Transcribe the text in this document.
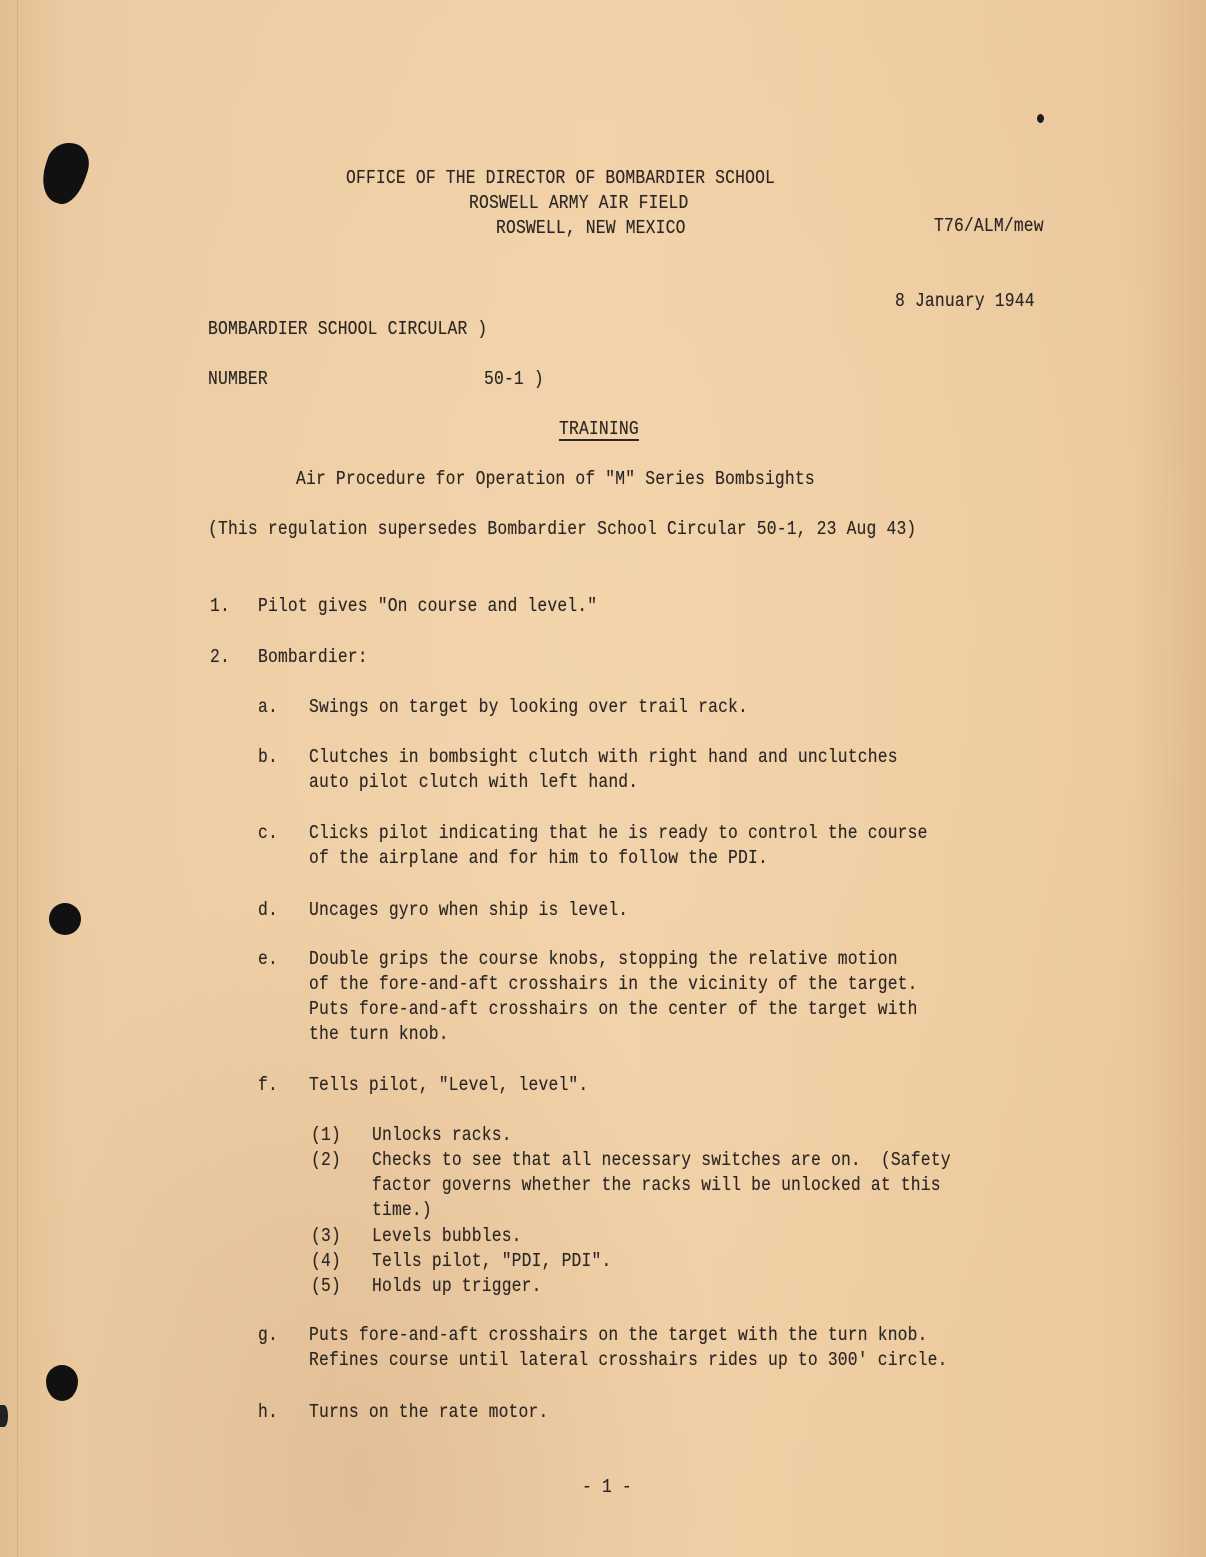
OFFICE OF THE DIRECTOR OF BOMBARDIER SCHOOL
ROSWELL ARMY AIR FIELD
ROSWELL, NEW MEXICO	T76/ALM/mew
8 January 1944
BOMBARDIER SCHOOL CIRCULAR )
NUMBER	50-1 )
TRAINING
Air Procedure for Operation of "M" Series Bombsights
(This regulation supersedes Bombardier School Circular 50-1, 23 Aug 43)
1. Pilot gives "On course and level."
2. Bombardier:
a. Swings on target by looking over trail rack.
b. Clutches in bombsight clutch with right hand and unclutches
auto pilot clutch with left hand.
c. Clicks pilot indicating that he is ready to control the course
of the airplane and for him to follow the PDI.
d. Uncages gyro when ship is level.
e. Double grips the course knobs, stopping the relative motion
of the fore-and-aft crosshairs in the vicinity of the target.
Puts fore-and-aft crosshairs on the center of the target with
the turn knob.
f. Tells pilot, "Level, level".
(1) Unlocks racks.
(2) Checks to see that all necessary switches are on.  (Safety
factor governs whether the racks will be unlocked at this
time.)
(3) Levels bubbles.
(4) Tells pilot, "PDI, PDI".
(5) Holds up trigger.
g. Puts fore-and-aft crosshairs on the target with the turn knob.
Refines course until lateral crosshairs rides up to 300' circle.
h. Turns on the rate motor.
- 1 -
